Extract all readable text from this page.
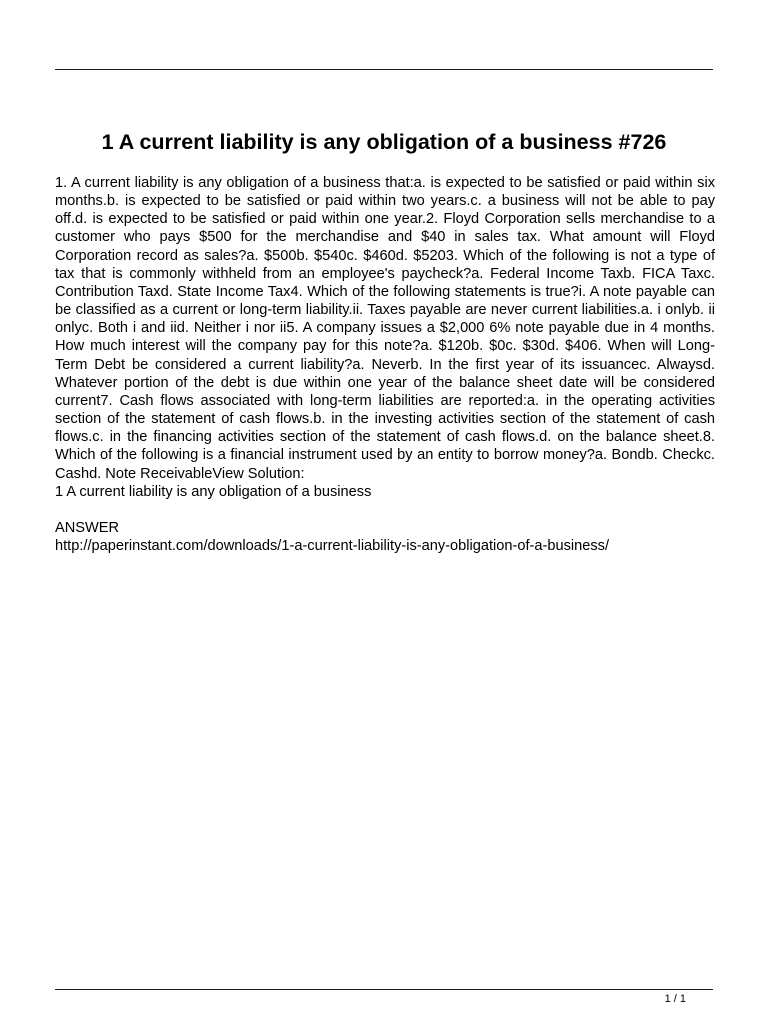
1 A current liability is any obligation of a business #726

1. A current liability is any obligation of a business that:a. is expected to be satisfied or paid within six months.b. is expected to be satisfied or paid within two years.c. a business will not be able to pay off.d. is expected to be satisfied or paid within one year.2. Floyd Corporation sells merchandise to a customer who pays $500 for the merchandise and $40 in sales tax. What amount will Floyd Corporation record as sales?a. $500b. $540c. $460d. $5203. Which of the following is not a type of tax that is commonly withheld from an employee's paycheck?a. Federal Income Taxb. FICA Taxc. Contribution Taxd. State Income Tax4. Which of the following statements is true?i. A note payable can be classified as a current or long-term liability.ii. Taxes payable are never current liabilities.a. i onlyb. ii onlyc. Both i and iid. Neither i nor ii5. A company issues a $2,000 6% note payable due in 4 months. How much interest will the company pay for this note?a. $120b. $0c. $30d. $406. When will Long-Term Debt be considered a current liability?a. Neverb. In the first year of its issuancec. Alwaysd. Whatever portion of the debt is due within one year of the balance sheet date will be considered current7. Cash flows associated with long-term liabilities are reported:a. in the operating activities section of the statement of cash flows.b. in the investing activities section of the statement of cash flows.c. in the financing activities section of the statement of cash flows.d. on the balance sheet.8. Which of the following is a financial instrument used by an entity to borrow money?a. Bondb. Checkc. Cashd. Note ReceivableView Solution:

1 A current liability is any obligation of a business

ANSWER

http://paperinstant.com/downloads/1-a-current-liability-is-any-obligation-of-a-business/

1 / 1
